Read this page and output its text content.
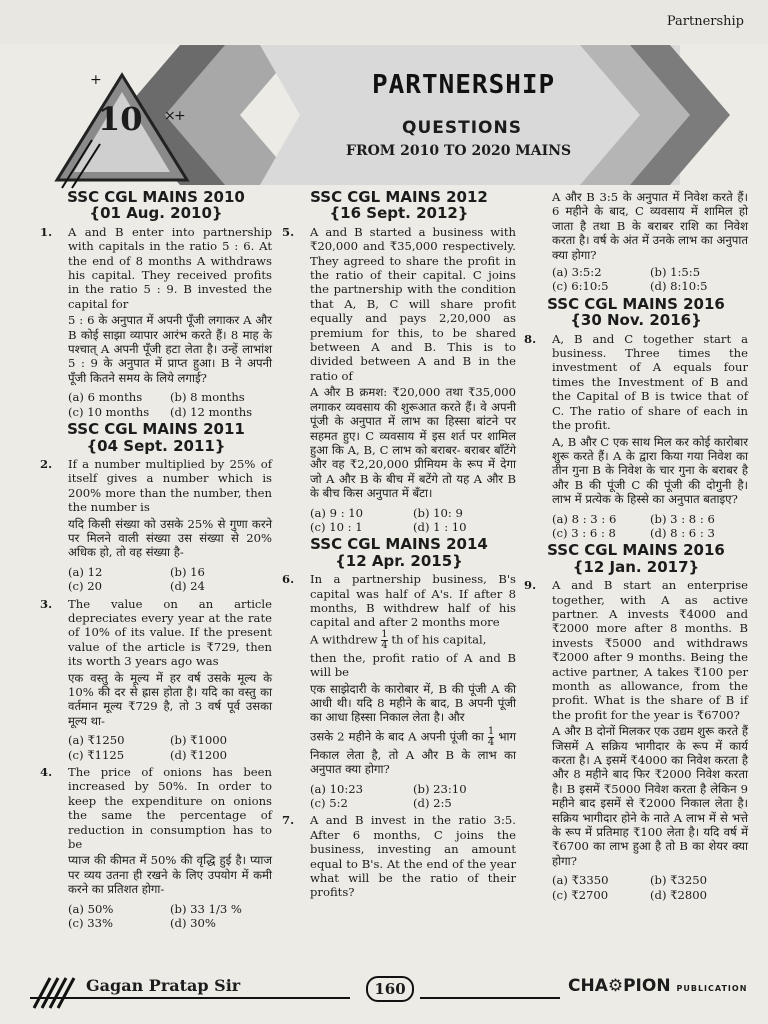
Partnership
×
+
+
10
PARTNERSHIP
QUESTIONS
FROM 2010 TO 2020 MAINS
SSC CGL MAINS 2010
{01 Aug. 2010}
1.	A and B enter into partnership with capitals in the ratio 5 : 6. At the end of 8 months A withdraws his capital. They received profits in the ratio 5 : 9. B invested the capital for
5 : 6 के अनुपात में अपनी पूँजी लगाकर A और B कोई साझा व्यापार आरंभ करते हैं। 8 माह के पश्चात् A अपनी पूँजी हटा लेता है। उन्हें लाभांश 5 : 9 के अनुपात में प्राप्त हुआ। B ने अपनी पूँजी कितने समय के लिये लगाई?
(a) 6 months	(b) 8 months
(c) 10 months	(d) 12 months
SSC CGL MAINS 2011
{04 Sept. 2011}
2.	If a number multiplied by 25% of itself gives a number which is 200% more than the number, then the number is
यदि किसी संख्या को उसके 25% से गुणा करने पर मिलने वाली संख्या उस संख्या से 20% अधिक हो, तो वह संख्या है-
(a) 12	(b) 16
(c) 20	(d) 24
3.	The value on an article depreciates every year at the rate of 10% of its value. If the present value of the article is ₹729, then its worth 3 years ago was
एक वस्तु के मूल्य में हर वर्ष उसके मूल्य के 10% की दर से ह्रास होता है। यदि का वस्तु का वर्तमान मूल्य ₹729 है, तो 3 वर्ष पूर्व उसका मूल्य था-
(a) ₹1250	(b) ₹1000
(c) ₹1125	(d) ₹1200
4.	The price of onions has been increased by 50%. In order to keep the expenditure on onions the same the percentage of reduction in consumption has to be
प्याज की कीमत में 50% की वृद्धि हुई है। प्याज पर व्यय उतना ही रखने के लिए उपयोग में कमी करने का प्रतिशत होगा-
(a) 50%	(b) 33 1/3 %
(c) 33%	(d) 30%
SSC CGL MAINS 2012
{16 Sept. 2012}
5.	A and B started a business with ₹20,000 and ₹35,000 respectively. They agreed to share the profit in the ratio of their capital. C joins the partnership with the condition that A, B, C will share profit equally and pays 2,20,000 as premium for this, to be shared between A and B. This is to divided between A and B in the ratio of
A और B क्रमश: ₹20,000 तथा ₹35,000 लगाकर व्यवसाय की शुरूआत करते हैं। वे अपनी पूंजी के अनुपात में लाभ का हिस्सा बांटने पर सहमत हुए। C व्यवसाय में इस शर्त पर शामिल हुआ कि A, B, C लाभ को बराबर- बराबर बाँटेंगे और वह ₹2,20,000 प्रीमियम के रूप में देगा जो A और B के बीच में बटेंगे तो यह A और B के बीच किस अनुपात में बँटा।
(a) 9 : 10	(b) 10: 9
(c) 10 : 1	(d) 1 : 10
SSC CGL MAINS 2014
{12 Apr. 2015}
6.	In a partnership business, B's capital was half of A's. If after 8 months, B withdrew half of his capital and after 2 months more
A withdrew $\frac{1}{4}$ th of his capital,
then the, profit ratio of A and B will be
एक साझेदारी के कारोबार में, B की पूंजी A की आधी थी। यदि 8 महीने के बाद, B अपनी पूंजी का आधा हिस्सा निकाल लेता है। और
उसके 2 महीने के बाद A अपनी पूंजी का $\frac{1}{4}$ भाग निकाल लेता है, तो A और B के लाभ का अनुपात क्या होगा?
(a) 10:23	(b) 23:10
(c) 5:2	(d) 2:5
7.	A and B invest in the ratio 3:5. After 6 months, C joins the business, investing an amount equal to B's. At the end of the year what will be the ratio of their profits?
A और B 3:5 के अनुपात में निवेश करते हैं। 6 महीने के बाद, C व्यवसाय में शामिल हो जाता है तथा B के बराबर राशि का निवेश करता है। वर्ष के अंत में उनके लाभ का अनुपात क्या होगा?
(a) 3:5:2	(b) 1:5:5
(c) 6:10:5	(d) 8:10:5
SSC CGL MAINS 2016
{30 Nov. 2016}
8.	A, B and C together start a business. Three times the investment of A equals four times the Investment of B and the Capital of B is twice that of C. The ratio of share of each in the profit.
A, B और C एक साथ मिल कर कोई कारोबार शुरू करते हैं। A के द्वारा किया गया निवेश का तीन गुना B के निवेश के चार गुना के बराबर है और B की पूंजी C की पूंजी की दोगुनी है। लाभ में प्रत्येक के हिस्से का अनुपात बताइए?
(a) 8 : 3 : 6	(b) 3 : 8 : 6
(c) 3 : 6 : 8	(d) 8 : 6 : 3
SSC CGL MAINS 2016
{12 Jan. 2017}
9.	A and B start an enterprise together, with A as active partner. A invests ₹4000 and ₹2000 more after 8 months. B invests ₹5000 and withdraws ₹2000 after 9 months. Being the active partner, A takes ₹100 per month as allowance, from the profit. What is the share of B if the profit for the year is ₹6700?
A और B दोनों मिलकर एक उद्यम शुरू करते हैं जिसमें A सक्रिय भागीदार के रूप में कार्य करता है। A इसमें ₹4000 का निवेश करता है और 8 महीने बाद फिर ₹2000 निवेश करता है। B इसमें ₹5000 निवेश करता है लेकिन 9 महीने बाद इसमें से ₹2000 निकाल लेता है। सक्रिय भागीदार होने के नाते A लाभ में से भत्ते के रूप में प्रतिमाह ₹100 लेता है। यदि वर्ष में ₹6700 का लाभ हुआ है तो B का शेयर क्या होगा?
(a) ₹3350	(b) ₹3250
(c) ₹2700	(d) ₹2800
Gagan Pratap Sir	160	CHA⚙PION PUBLICATION
